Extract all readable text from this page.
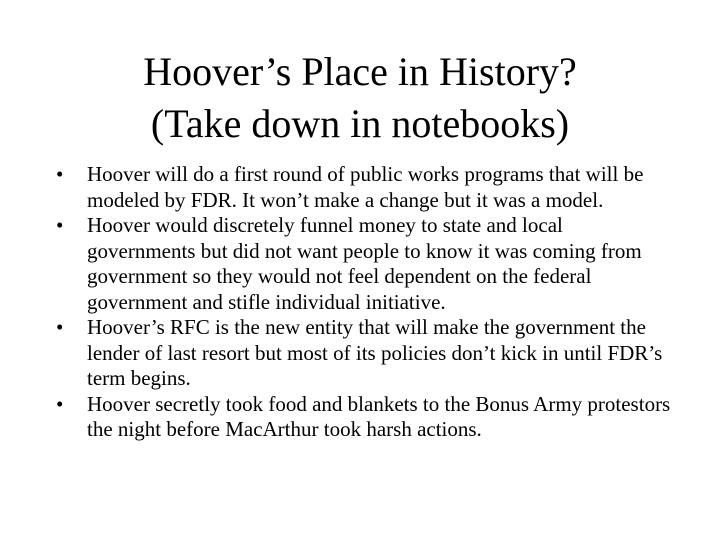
Hoover’s Place in History?
(Take down in notebooks)
• Hoover will do a first round of public works programs that will be modeled by FDR. It won’t make a change but it was a model.
• Hoover would discretely funnel money to state and local governments but did not want people to know it was coming from government so they would not feel dependent on the federal government and stifle individual initiative.
• Hoover’s RFC is the new entity that will make the government the lender of last resort but most of its policies don’t kick in until FDR’s term begins.
• Hoover secretly took food and blankets to the Bonus Army protestors the night before MacArthur took harsh actions.
